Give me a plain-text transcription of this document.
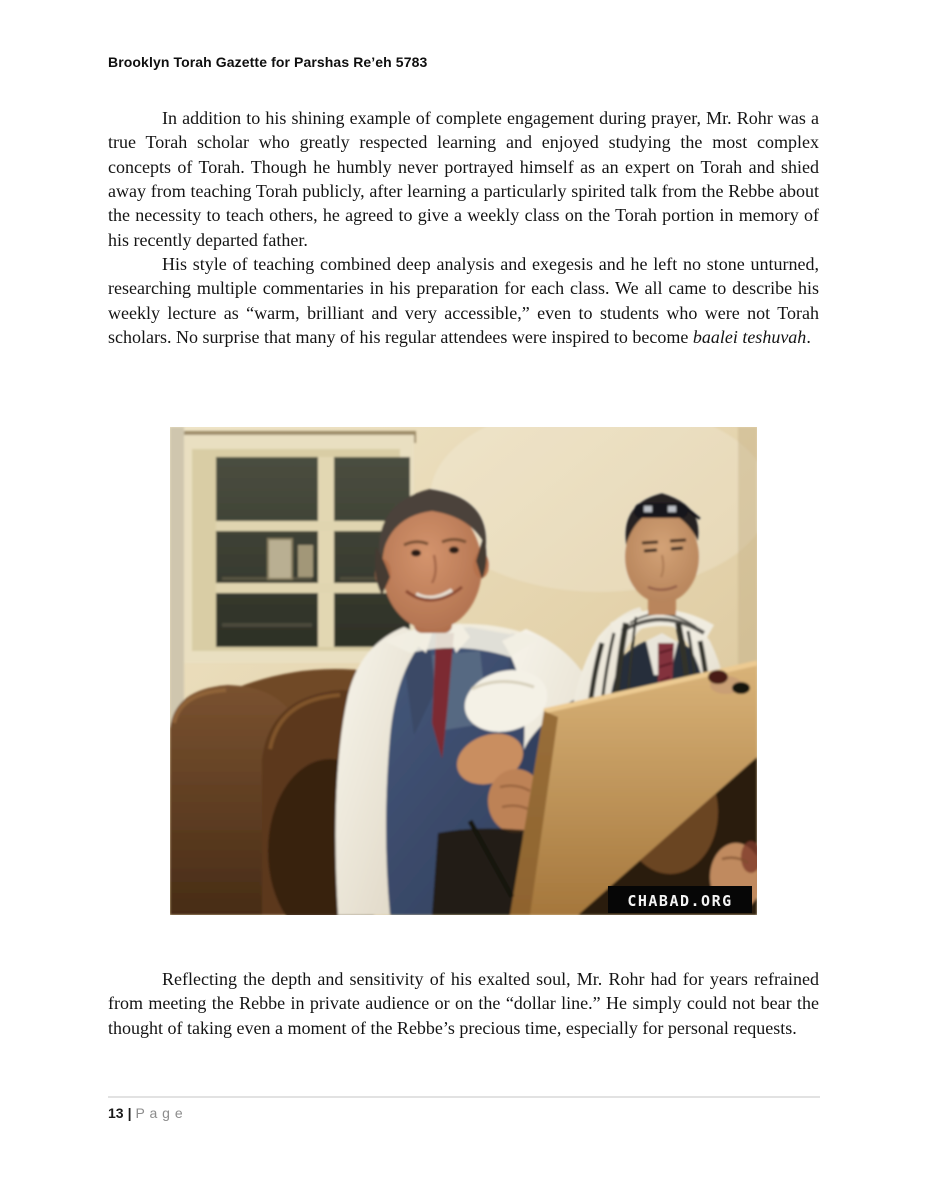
Brooklyn Torah Gazette for Parshas Re’eh 5783

In addition to his shining example of complete engagement during prayer, Mr. Rohr was a true Torah scholar who greatly respected learning and enjoyed studying the most complex concepts of Torah. Though he humbly never portrayed himself as an expert on Torah and shied away from teaching Torah publicly, after learning a particularly spirited talk from the Rebbe about the necessity to teach others, he agreed to give a weekly class on the Torah portion in memory of his recently departed father.

His style of teaching combined deep analysis and exegesis and he left no stone unturned, researching multiple commentaries in his preparation for each class. We all came to describe his weekly lecture as “warm, brilliant and very accessible,” even to students who were not Torah scholars. No surprise that many of his regular attendees were inspired to become baalei teshuvah.

CHABAD.ORG

Reflecting the depth and sensitivity of his exalted soul, Mr. Rohr had for years refrained from meeting the Rebbe in private audience or on the “dollar line.” He simply could not bear the thought of taking even a moment of the Rebbe’s precious time, especially for personal requests.

13 | P a g e
